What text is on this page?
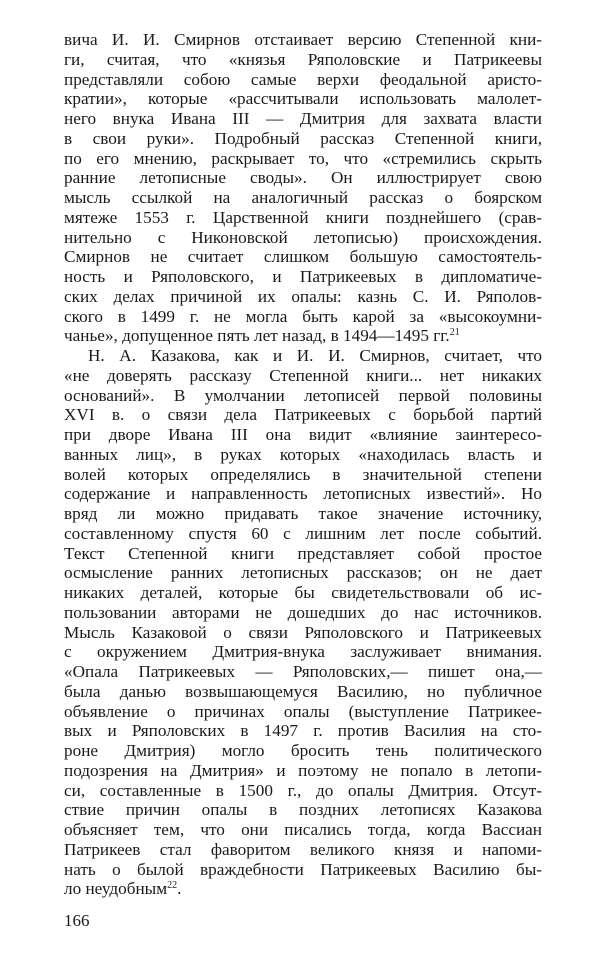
вича И. И. Смирнов отстаивает версию Степенной кни-

ги, считая, что «князья Ряполовские и Патрикеевы

представляли собою самые верхи феодальной аристо-

кратии», которые «рассчитывали использовать малолет-

него внука Ивана III — Дмитрия для захвата власти

в свои руки». Подробный рассказ Степенной книги,

по его мнению, раскрывает то, что «стремились скрыть

ранние летописные своды». Он иллюстрирует свою

мысль ссылкой на аналогичный рассказ о боярском

мятеже 1553 г. Царственной книги позднейшего (срав-

нительно с Никоновской летописью) происхождения.

Смирнов не считает слишком большую самостоятель-

ность и Ряполовского, и Патрикеевых в дипломатиче-

ских делах причиной их опалы: казнь С. И. Ряполов-

ского в 1499 г. не могла быть карой за «высокоумни-

чанье», допущенное пять лет назад, в 1494—1495 гг.$^{21}$

Н. А. Казакова, как и И. И. Смирнов, считает, что

«не доверять рассказу Степенной книги... нет никаких

оснований». В умолчании летописей первой половины

XVI в. о связи дела Патрикеевых с борьбой партий

при дворе Ивана III она видит «влияние заинтересо-

ванных лиц», в руках которых «находилась власть и

волей которых определялись в значительной степени

содержание и направленность летописных известий». Но

вряд ли можно придавать такое значение источнику,

составленному спустя 60 с лишним лет после событий.

Текст Степенной книги представляет собой простое

осмысление ранних летописных рассказов; он не дает

никаких деталей, которые бы свидетельствовали об ис-

пользовании авторами не дошедших до нас источников.

Мысль Казаковой о связи Ряполовского и Патрикеевых

с окружением Дмитрия-внука заслуживает внимания.

«Опала Патрикеевых — Ряполовских,— пишет она,—

была данью возвышающемуся Василию, но публичное

объявление о причинах опалы (выступление Патрикее-

вых и Ряполовских в 1497 г. против Василия на сто-

роне Дмитрия) могло бросить тень политического

подозрения на Дмитрия» и поэтому не попало в летопи-

си, составленные в 1500 г., до опалы Дмитрия. Отсут-

ствие причин опалы в поздних летописях Казакова

объясняет тем, что они писались тогда, когда Вассиан

Патрикеев стал фаворитом великого князя и напоми-

нать о былой враждебности Патрикеевых Василию бы-

ло неудобным$^{22}$.

166
